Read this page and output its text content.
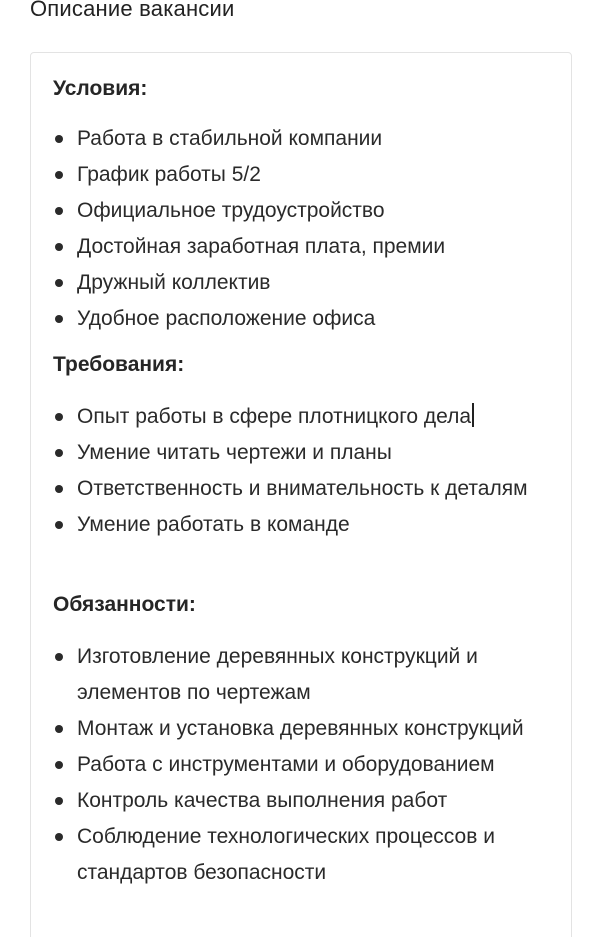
Описание вакансии
Условия:
Работа в стабильной компании
График работы 5/2
Официальное трудоустройство
Достойная заработная плата, премии
Дружный коллектив
Удобное расположение офиса
Требования:
Опыт работы в сфере плотницкого дела
Умение читать чертежи и планы
Ответственность и внимательность к деталям
Умение работать в команде
Обязанности:
Изготовление деревянных конструкций и элементов по чертежам
Монтаж и установка деревянных конструкций
Работа с инструментами и оборудованием
Контроль качества выполнения работ
Соблюдение технологических процессов и стандартов безопасности
